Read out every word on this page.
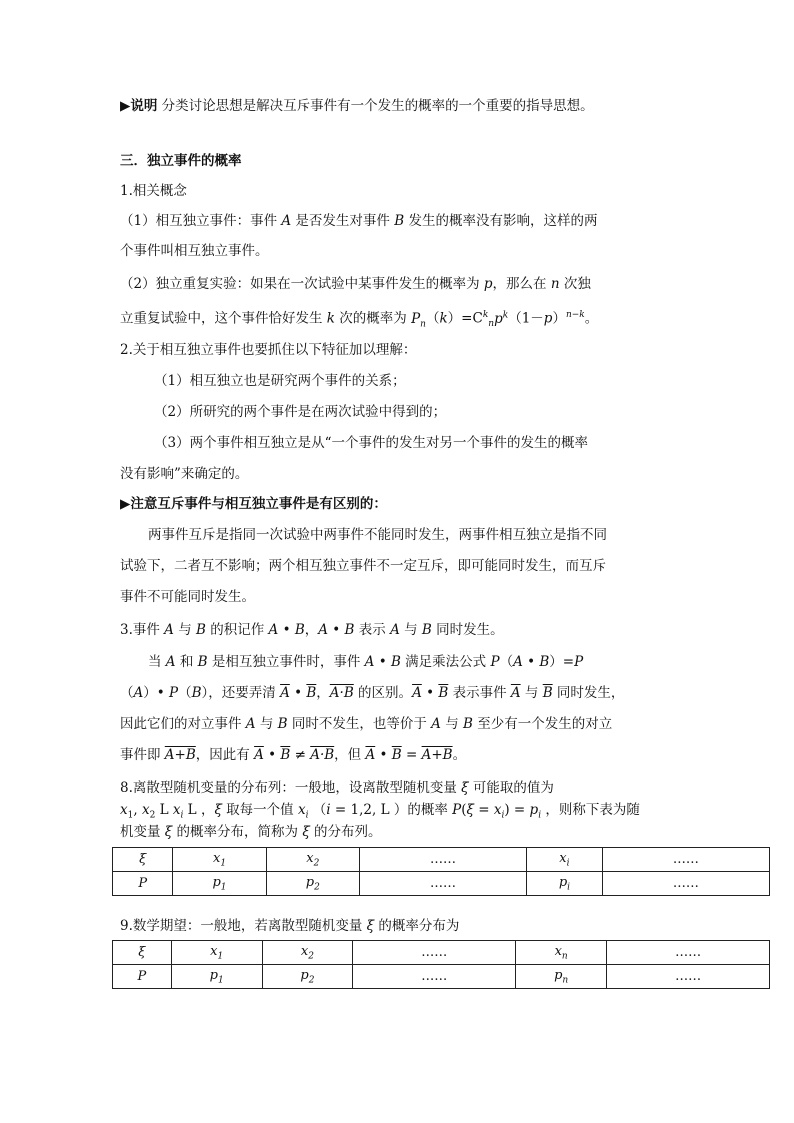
▶说明 分类讨论思想是解决互斥事件有一个发生的概率的一个重要的指导思想。
三．独立事件的概率
1.相关概念
（1）相互独立事件：事件 A 是否发生对事件 B 发生的概率没有影响，这样的两
个事件叫相互独立事件。
（2）独立重复实验：如果在一次试验中某事件发生的概率为 p，那么在 n 次独
立重复试验中，这个事件恰好发生 k 次的概率为 $P_n(k)=C^k_np^k(1-p)^{n-k}$。
2.关于相互独立事件也要抓住以下特征加以理解：
（1）相互独立也是研究两个事件的关系；
（2）所研究的两个事件是在两次试验中得到的；
（3）两个事件相互独立是从“一个事件的发生对另一个事件的发生的概率
没有影响”来确定的。
▶注意互斥事件与相互独立事件是有区别的：
两事件互斥是指同一次试验中两事件不能同时发生，两事件相互独立是指不同
试验下，二者互不影响；两个相互独立事件不一定互斥，即可能同时发生，而互斥
事件不可能同时发生。
3.事件 A 与 B 的积记作 A • B，A • B 表示 A 与 B 同时发生。
当 A 和 B 是相互独立事件时，事件 A • B 满足乘法公式 P（A • B）=P
（A）• P（B），还要弄清 $\overline{A}$ • $\overline{B}$，A·B 的区别。$\overline{A}$ • $\overline{B}$ 表示事件 $\overline{A}$ 与 $\overline{B}$ 同时发生，
因此它们的对立事件 A 与 B 同时不发生，也等价于 A 与 B 至少有一个发生的对立
事件即 A+B，因此有 $\overline{A}$ • $\overline{B} \ne A\cdot B$，但 $\overline{A}$ • $\overline{B} = A+B$。
8.离散型随机变量的分布列：一般地，设离散型随机变量 ξ 可能取的值为
$x_1$, $x_2$ L $x_i$ L ，ξ 取每一个值 $x_i$ （i = 1,2, L ）的概率 $P(\xi = x_i) = p_i$ ，则称下表为随
机变量 ξ 的概率分布，简称为 ξ 的分布列。
ξ	$x_1$	$x_2$	……	$x_i$	……
P	$p_1$	$p_2$	……	$p_i$	……
9.数学期望：一般地，若离散型随机变量 ξ 的概率分布为
ξ	$x_1$	$x_2$	……	$x_n$	……
P	$p_1$	$p_2$	……	$p_n$	……
